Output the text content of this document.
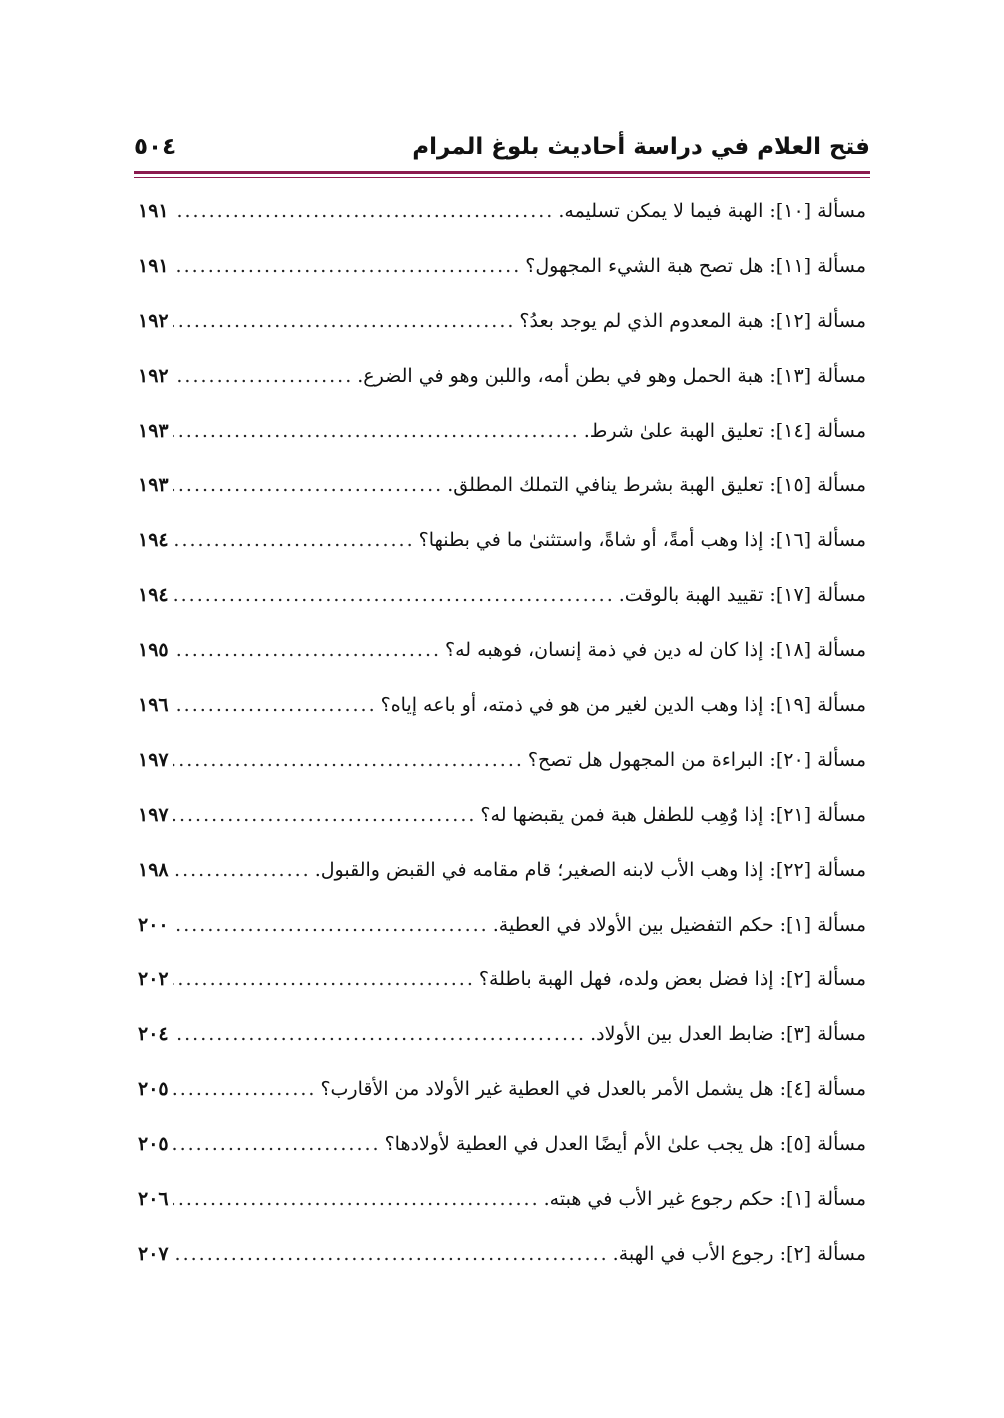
فتح العلام في دراسة أحاديث بلوغ المرام
٥٠٤
مسألة [١٠]: الهبة فيما لا يمكن تسليمه.
.....
١٩١
مسألة [١١]: هل تصح هبة الشيء المجهول؟
.....
١٩١
مسألة [١٢]: هبة المعدوم الذي لم يوجد بعدُ؟
.....
١٩٢
مسألة [١٣]: هبة الحمل وهو في بطن أمه، واللبن وهو في الضرع.
.....
١٩٢
مسألة [١٤]: تعليق الهبة علىٰ شرط.
.....
١٩٣
مسألة [١٥]: تعليق الهبة بشرط ينافي التملك المطلق.
.....
١٩٣
مسألة [١٦]: إذا وهب أمةً، أو شاةً، واستثنىٰ ما في بطنها؟
.....
١٩٤
مسألة [١٧]: تقييد الهبة بالوقت.
.....
١٩٤
مسألة [١٨]: إذا كان له دين في ذمة إنسان، فوهبه له؟
.....
١٩٥
مسألة [١٩]: إذا وهب الدين لغير من هو في ذمته، أو باعه إياه؟
.....
١٩٦
مسألة [٢٠]: البراءة من المجهول هل تصح؟
.....
١٩٧
مسألة [٢١]: إذا وُهِب للطفل هبة فمن يقبضها له؟
.....
١٩٧
مسألة [٢٢]: إذا وهب الأب لابنه الصغير؛ قام مقامه في القبض والقبول.
.....
١٩٨
مسألة [١]: حكم التفضيل بين الأولاد في العطية.
.....
٢٠٠
مسألة [٢]: إذا فضل بعض ولده، فهل الهبة باطلة؟
.....
٢٠٢
مسألة [٣]: ضابط العدل بين الأولاد.
.....
٢٠٤
مسألة [٤]: هل يشمل الأمر بالعدل في العطية غير الأولاد من الأقارب؟
.....
٢٠٥
مسألة [٥]: هل يجب علىٰ الأم أيضًا العدل في العطية لأولادها؟
.....
٢٠٥
مسألة [١]: حكم رجوع غير الأب في هبته.
.....
٢٠٦
مسألة [٢]: رجوع الأب في الهبة.
.....
٢٠٧
